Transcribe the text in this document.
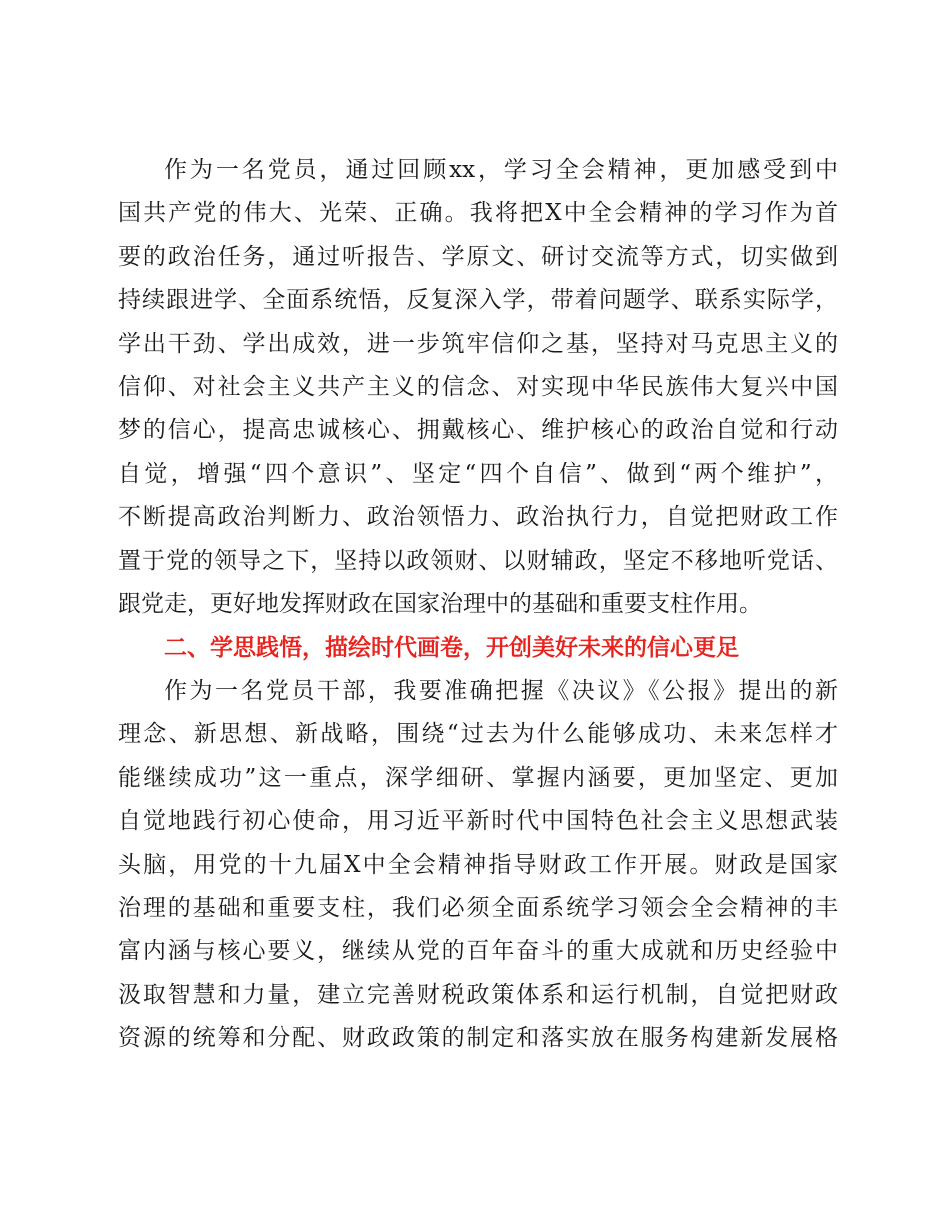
作为一名党员，通过回顾xx，学习全会精神，更加感受到中
国共产党的伟大、光荣、正确。我将把Ⅹ中全会精神的学习作为首
要的政治任务，通过听报告、学原文、研讨交流等方式，切实做到
持续跟进学、全面系统悟，反复深入学，带着问题学、联系实际学，
学出干劲、学出成效，进一步筑牢信仰之基，坚持对马克思主义的
信仰、对社会主义共产主义的信念、对实现中华民族伟大复兴中国
梦的信心，提高忠诚核心、拥戴核心、维护核心的政治自觉和行动
自觉，增强“四个意识”、坚定“四个自信”、做到“两个维护”，
不断提高政治判断力、政治领悟力、政治执行力，自觉把财政工作
置于党的领导之下，坚持以政领财、以财辅政，坚定不移地听党话、
跟党走，更好地发挥财政在国家治理中的基础和重要支柱作用。
二、学思践悟，描绘时代画卷，开创美好未来的信心更足
作为一名党员干部，我要准确把握《决议》《公报》提出的新
理念、新思想、新战略，围绕“过去为什么能够成功、未来怎样才
能继续成功”这一重点，深学细研、掌握内涵要，更加坚定、更加
自觉地践行初心使命，用习近平新时代中国特色社会主义思想武装
头脑，用党的十九届Ⅹ中全会精神指导财政工作开展。财政是国家
治理的基础和重要支柱，我们必须全面系统学习领会全会精神的丰
富内涵与核心要义，继续从党的百年奋斗的重大成就和历史经验中
汲取智慧和力量，建立完善财税政策体系和运行机制，自觉把财政
资源的统筹和分配、财政政策的制定和落实放在服务构建新发展格
